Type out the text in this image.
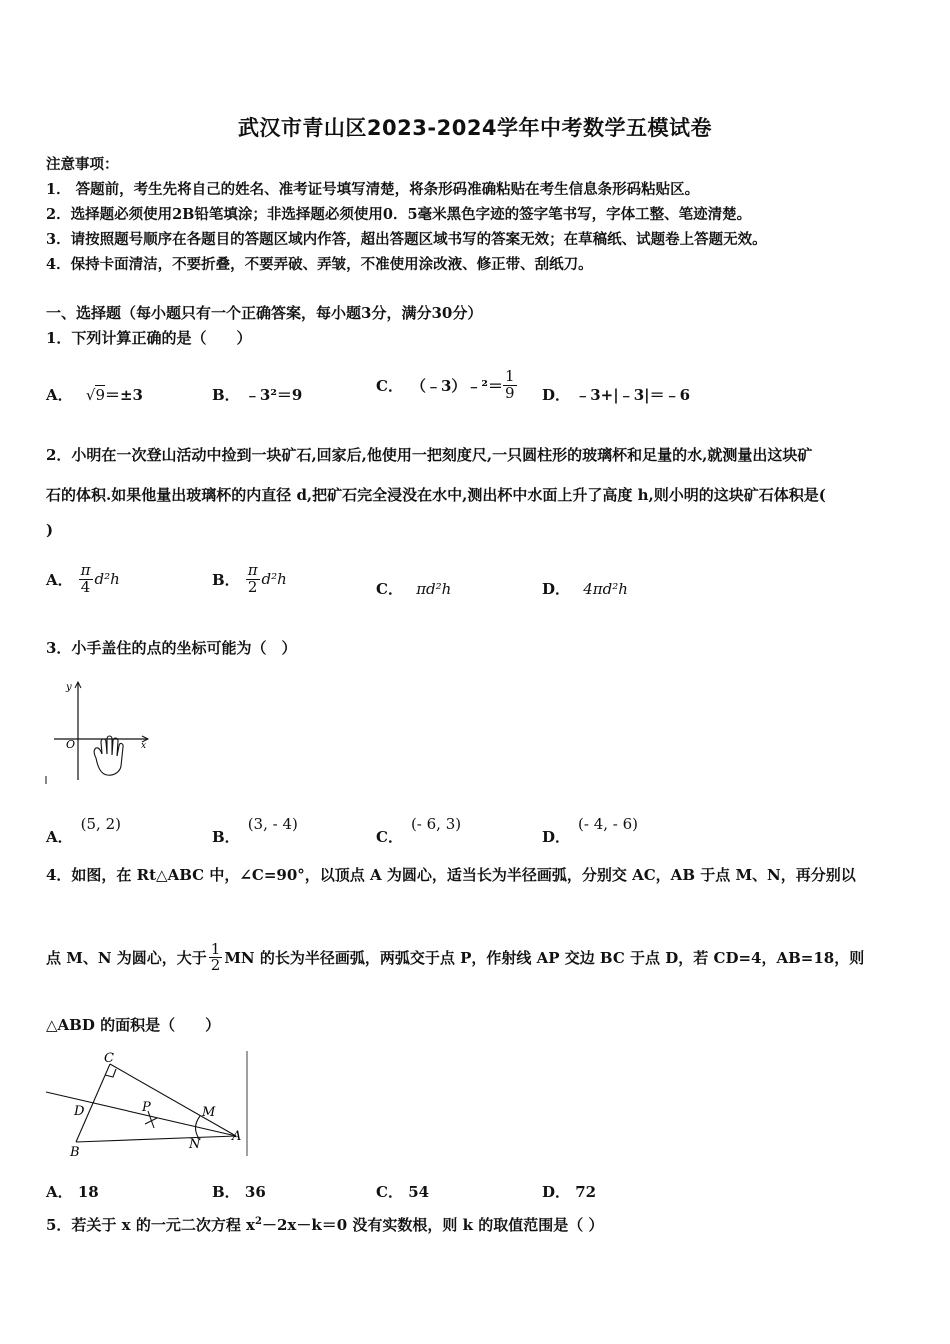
武汉市青山区2023-2024学年中考数学五模试卷
注意事项：
1． 答题前，考生先将自己的姓名、准考证号填写清楚，将条形码准确粘贴在考生信息条形码粘贴区。
2．选择题必须使用2B铅笔填涂；非选择题必须使用0．5毫米黑色字迹的签字笔书写，字体工整、笔迹清楚。
3．请按照题号顺序在各题目的答题区域内作答，超出答题区域书写的答案无效；在草稿纸、试题卷上答题无效。
4．保持卡面清洁，不要折叠，不要弄破、弄皱，不准使用涂改液、修正带、刮纸刀。
一、选择题（每小题只有一个正确答案，每小题3分，满分30分）
1．下列计算正确的是（　　）
A． √9＝±3	B． ﹣3²＝9
C． （﹣3）﹣²＝ $\frac{1}{9}$ D． ﹣3+|﹣3|＝﹣6
2．小明在一次登山活动中捡到一块矿石,回家后,他使用一把刻度尺,一只圆柱形的玻璃杯和足量的水,就测量出这块矿
石的体积.如果他量出玻璃杯的内直径 d,把矿石完全浸没在水中,测出杯中水面上升了高度 h,则小明的这块矿石体积是(
)
A． $\frac{\pi}{4} d^2h$	B． $\frac{\pi}{2} d^2h$
C． πd²h	D． 4πd²h
3．小手盖住的点的坐标可能为（　）
y
O	x
A．
(5, 2)
B．
(3, - 4)
C．
(- 6, 3)
D．
(- 4, - 6)
4．如图，在 Rt△ABC 中，∠C=90°，以顶点 A 为圆心，适当长为半径画弧，分别交 AC，AB 于点 M、N，再分别以
点 M、N 为圆心，大于 $\frac{1}{2}$ MN 的长为半径画弧，两弧交于点 P，作射线 AP 交边 BC 于点 D，若 CD=4，AB=18，则
△ABD 的面积是（　　）
C
D	P	M
N
A
B
A． 18	B． 36	C． 54	D． 72
5．若关于 x 的一元二次方程 $x^2-2x-k=0$ 没有实数根，则 k 的取值范围是（ ）
